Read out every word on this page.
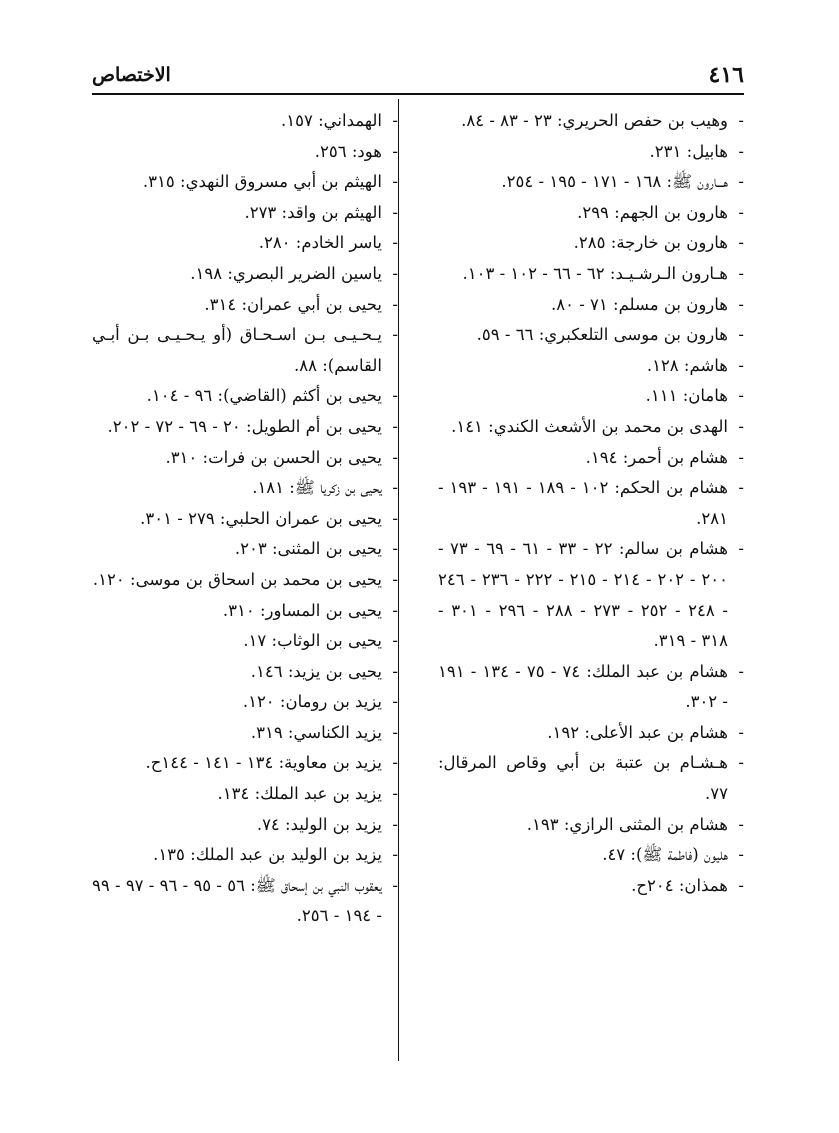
٤١٦
الاختصاص
- وهيب بن حفص الحريري: ٢٣ - ٨٣ - ٨٤.
- هابيل: ٢٣١.
- هـــارون ﷺ: ١٦٨ - ١٧١ - ١٩٥ - ٢٥٤.
- هارون بن الجهم: ٢٩٩.
- هارون بن خارجة: ٢٨٥.
- هـارون الـرشـيـد: ٦٢ - ٦٦ - ١٠٢ - ١٠٣.
- هارون بن مسلم: ٧١ - ٨٠.
- هارون بن موسى التلعكبري: ٦٦ - ٥٩.
- هاشم: ١٢٨.
- هامان: ١١١.
- الهدى بن محمد بن الأشعث الكندي: ١٤١.
- هشام بن أحمر: ١٩٤.
- هشام بن الحكم: ١٠٢ - ١٨٩ - ١٩١ - ١٩٣ - ٢٨١.
- هشام بن سالم: ٢٢ - ٣٣ - ٦١ - ٦٩ - ٧٣ - ٢٠٠ - ٢٠٢ - ٢١٤ - ٢١٥ - ٢٢٢ - ٢٣٦ - ٢٤٦ - ٢٤٨ - ٢٥٢ - ٢٧٣ - ٢٨٨ - ٢٩٦ - ٣٠١ - ٣١٨ - ٣١٩.
- هشام بن عبد الملك: ٧٤ - ٧٥ - ١٣٤ - ١٩١ - ٣٠٢.
- هشام بن عبد الأعلى: ١٩٢.
- هـشـام بن عتبة بن أبي وقاص المرقال: ٧٧.
- هشام بن المثنى الرازي: ١٩٣.
- هليون (فاطمة ﷺ): ٤٧.
- همذان: ٢٠٤ح.
- الهمداني: ١٥٧.
- هود: ٢٥٦.
- الهيثم بن أبي مسروق النهدي: ٣١٥.
- الهيثم بن واقد: ٢٧٣.
- ياسر الخادم: ٢٨٠.
- ياسين الضرير البصري: ١٩٨.
- يحيى بن أبي عمران: ٣١٤.
- يـحـيـى بـن اسـحـاق (أو يـحـيـى بـن أبـي القاسم): ٨٨.
- يحيى بن أكثم (القاضي): ٩٦ - ١٠٤.
- يحيى بن أم الطويل: ٢٠ - ٦٩ - ٧٢ - ٢٠٢.
- يحيى بن الحسن بن فرات: ٣١٠.
- يحيى بن زكريا ﷺ: ١٨١.
- يحيى بن عمران الحلبي: ٢٧٩ - ٣٠١.
- يحيى بن المثنى: ٢٠٣.
- يحيى بن محمد بن اسحاق بن موسى: ١٢٠.
- يحيى بن المساور: ٣١٠.
- يحيى بن الوثاب: ١٧.
- يحيى بن يزيد: ١٤٦.
- يزيد بن رومان: ١٢٠.
- يزيد الكناسي: ٣١٩.
- يزيد بن معاوية: ١٣٤ - ١٤١ - ١٤٤ح.
- يزيد بن عبد الملك: ١٣٤.
- يزيد بن الوليد: ٧٤.
- يزيد بن الوليد بن عبد الملك: ١٣٥.
- يعقوب النبي بن إسحاق ﷺ: ٥٦ - ٩٥ - ٩٦ - ٩٧ - ٩٩ - ١٩٤ - ٢٥٦.
